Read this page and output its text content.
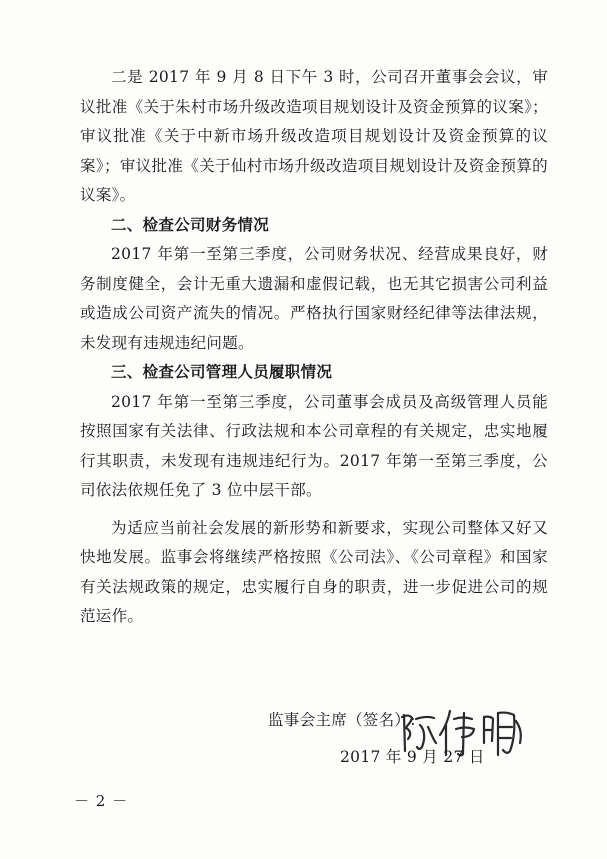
二是 2017 年 9 月 8 日下午 3 时，公司召开董事会会议，审议批准《关于朱村市场升级改造项目规划设计及资金预算的议案》；审议批准《关于中新市场升级改造项目规划设计及资金预算的议案》；审议批准《关于仙村市场升级改造项目规划设计及资金预算的议案》。

二、检查公司财务情况

2017 年第一至第三季度，公司财务状况、经营成果良好，财务制度健全，会计无重大遗漏和虚假记载，也无其它损害公司利益或造成公司资产流失的情况。严格执行国家财经纪律等法律法规，未发现有违规违纪问题。

三、检查公司管理人员履职情况

2017 年第一至第三季度，公司董事会成员及高级管理人员能按照国家有关法律、行政法规和本公司章程的有关规定，忠实地履行其职责，未发现有违规违纪行为。2017 年第一至第三季度，公司依法依规任免了 3 位中层干部。

为适应当前社会发展的新形势和新要求，实现公司整体又好又快地发展。监事会将继续严格按照《公司法》、《公司章程》和国家有关法规政策的规定，忠实履行自身的职责，进一步促进公司的规范运作。

监事会主席（签名）:
2017 年 9 月 27 日
－ 2 －
